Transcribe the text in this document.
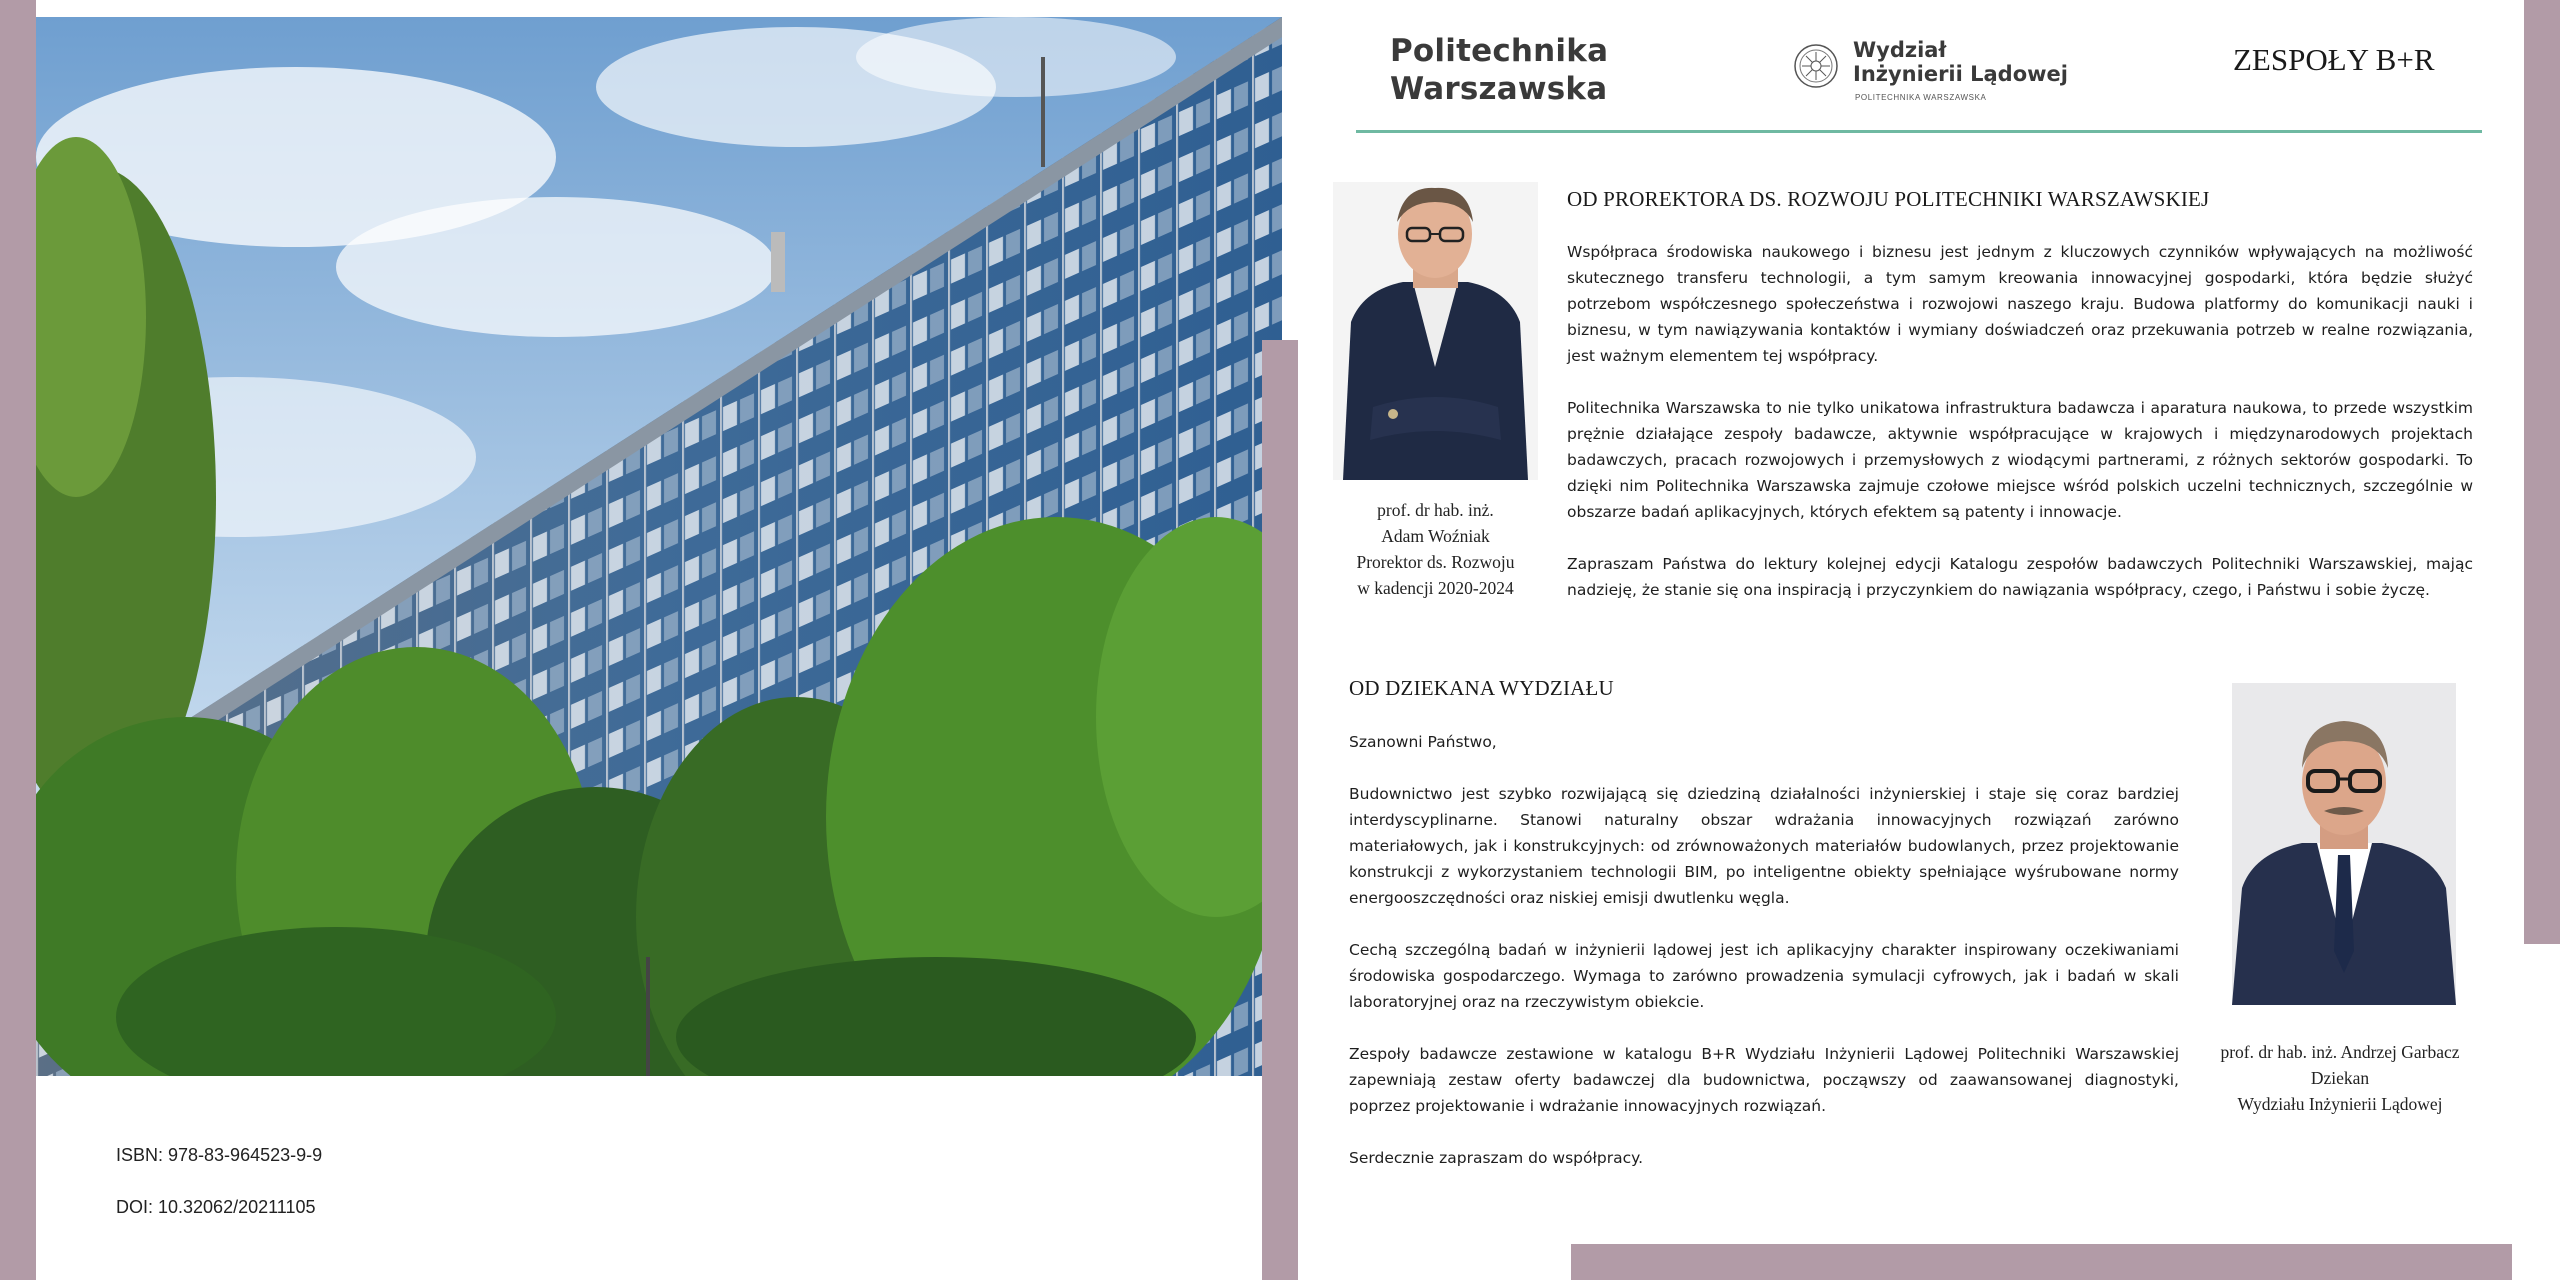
ISBN: 978-83-964523-9-9
DOI: 10.32062/20211105
Politechnika
Warszawska
Wydział
Inżynierii Lądowej
POLITECHNIKA WARSZAWSKA
ZESPOŁY B+R
prof. dr hab. inż.
Adam Woźniak
Prorektor ds. Rozwoju
w kadencji 2020-2024
OD PROREKTORA DS. ROZWOJU POLITECHNIKI WARSZAWSKIEJ

Współpraca środowiska naukowego i biznesu jest jednym z kluczowych czynników wpływających na możliwość skutecznego transferu technologii, a tym samym kreowania innowacyjnej gospodarki, która będzie służyć potrzebom współczesnego społeczeństwa i rozwojowi naszego kraju. Budowa platformy do komunikacji nauki i biznesu, w tym nawiązywania kontaktów i wymiany doświadczeń oraz przekuwania potrzeb w realne rozwiązania, jest ważnym elementem tej współpracy.

Politechnika Warszawska to nie tylko unikatowa infrastruktura badawcza i aparatura naukowa, to przede wszystkim prężnie działające zespoły badawcze, aktywnie współpracujące w krajowych i międzynarodowych projektach badawczych, pracach rozwojowych i przemysłowych z wiodącymi partnerami, z różnych sektorów gospodarki. To dzięki nim Politechnika Warszawska zajmuje czołowe miejsce wśród polskich uczelni technicznych, szczególnie w obszarze badań aplikacyjnych, których efektem są patenty i innowacje.

Zapraszam Państwa do lektury kolejnej edycji Katalogu zespołów badawczych Politechniki Warszawskiej, mając nadzieję, że stanie się ona inspiracją i przyczynkiem do nawiązania współpracy, czego, i Państwu i sobie życzę.

OD DZIEKANA WYDZIAŁU

Szanowni Państwo,

Budownictwo jest szybko rozwijającą się dziedziną działalności inżynierskiej i staje się coraz bardziej interdyscyplinarne. Stanowi naturalny obszar wdrażania innowacyjnych rozwiązań zarówno materiałowych, jak i konstrukcyjnych: od zrównoważonych materiałów budowlanych, przez projektowanie konstrukcji z wykorzystaniem technologii BIM, po inteligentne obiekty spełniające wyśrubowane normy energooszczędności oraz niskiej emisji dwutlenku węgla.

Cechą szczególną badań w inżynierii lądowej jest ich aplikacyjny charakter inspirowany oczekiwaniami środowiska gospodarczego. Wymaga to zarówno prowadzenia symulacji cyfrowych, jak i badań w skali laboratoryjnej oraz na rzeczywistym obiekcie.

Zespoły badawcze zestawione w katalogu B+R Wydziału Inżynierii Lądowej Politechniki Warszawskiej zapewniają zestaw oferty badawczej dla budownictwa, począwszy od zaawansowanej diagnostyki, poprzez projektowanie i wdrażanie innowacyjnych rozwiązań.

Serdecznie zapraszam do współpracy.

prof. dr hab. inż. Andrzej Garbacz
Dziekan
Wydziału Inżynierii Lądowej
